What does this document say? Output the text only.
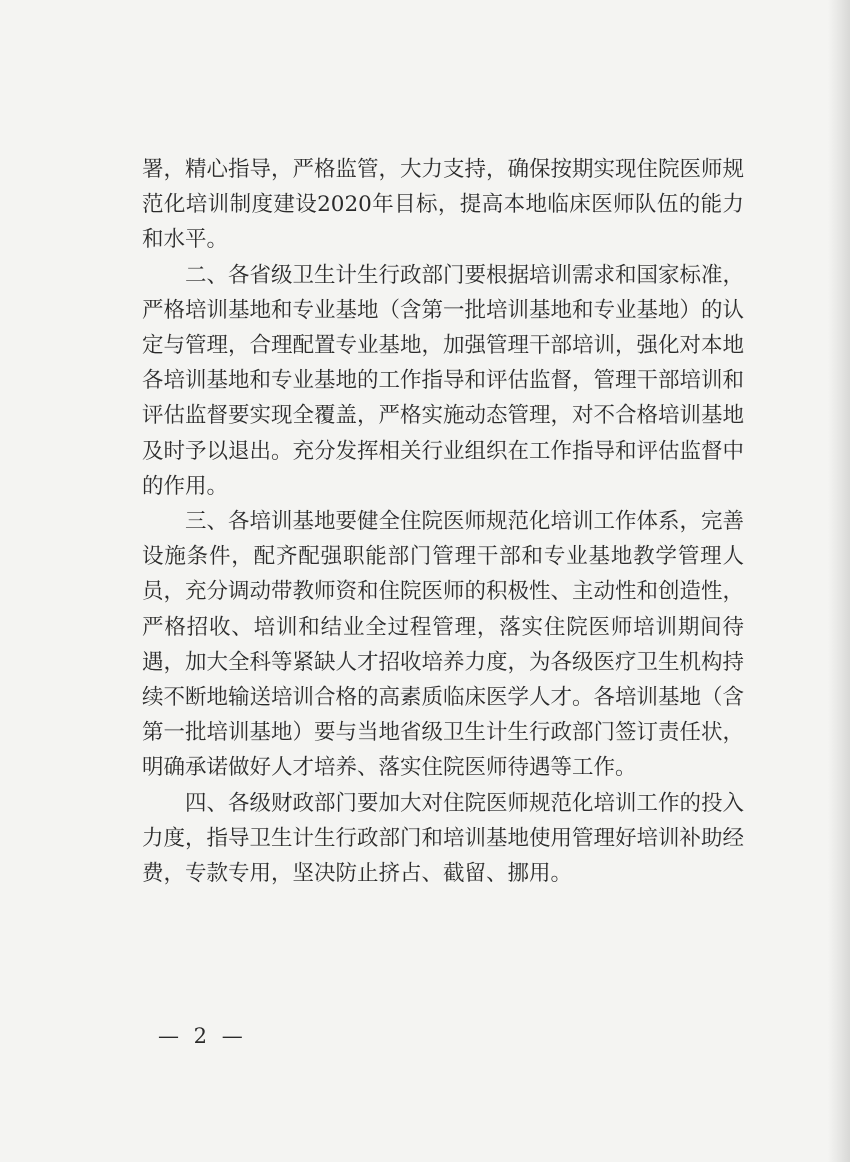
署，精心指导，严格监管，大力支持，确保按期实现住院医师规范化培训制度建设2020年目标，提高本地临床医师队伍的能力和水平。

二、各省级卫生计生行政部门要根据培训需求和国家标准，严格培训基地和专业基地（含第一批培训基地和专业基地）的认定与管理，合理配置专业基地，加强管理干部培训，强化对本地各培训基地和专业基地的工作指导和评估监督，管理干部培训和评估监督要实现全覆盖，严格实施动态管理，对不合格培训基地及时予以退出。充分发挥相关行业组织在工作指导和评估监督中的作用。

三、各培训基地要健全住院医师规范化培训工作体系，完善设施条件，配齐配强职能部门管理干部和专业基地教学管理人员，充分调动带教师资和住院医师的积极性、主动性和创造性，严格招收、培训和结业全过程管理，落实住院医师培训期间待遇，加大全科等紧缺人才招收培养力度，为各级医疗卫生机构持续不断地输送培训合格的高素质临床医学人才。各培训基地（含第一批培训基地）要与当地省级卫生计生行政部门签订责任状，明确承诺做好人才培养、落实住院医师待遇等工作。

四、各级财政部门要加大对住院医师规范化培训工作的投入力度，指导卫生计生行政部门和培训基地使用管理好培训补助经费，专款专用，坚决防止挤占、截留、挪用。

— 2 —
